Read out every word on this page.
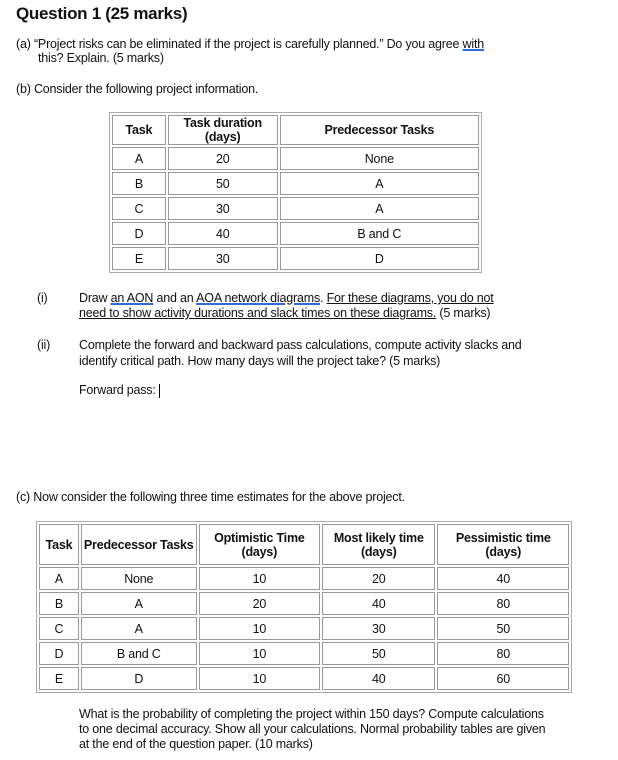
Question 1 (25 marks)
(a) “Project risks can be eliminated if the project is carefully planned.” Do you agree with
this? Explain. (5 marks)
(b) Consider the following project information.
Task	Task duration (days)	Predecessor Tasks
A	20	None
B	50	A
C	30	A
D	40	B and C
E	30	D
(i)	Draw an AON and an AOA network diagrams. For these diagrams, you do not
need to show activity durations and slack times on these diagrams. (5 marks)
(ii) Complete the forward and backward pass calculations, compute activity slacks and
identify critical path. How many days will the project take? (5 marks)
Forward pass:
(c) Now consider the following three time estimates for the above project.
Task	Predecessor Tasks	Optimistic Time (days)	Most likely time (days)	Pessimistic time (days)
A	None	10	20	40
B	A	20	40	80
C	A	10	30	50
D	B and C	10	50	80
E	D	10	40	60
What is the probability of completing the project within 150 days? Compute calculations
to one decimal accuracy. Show all your calculations. Normal probability tables are given
at the end of the question paper. (10 marks)
